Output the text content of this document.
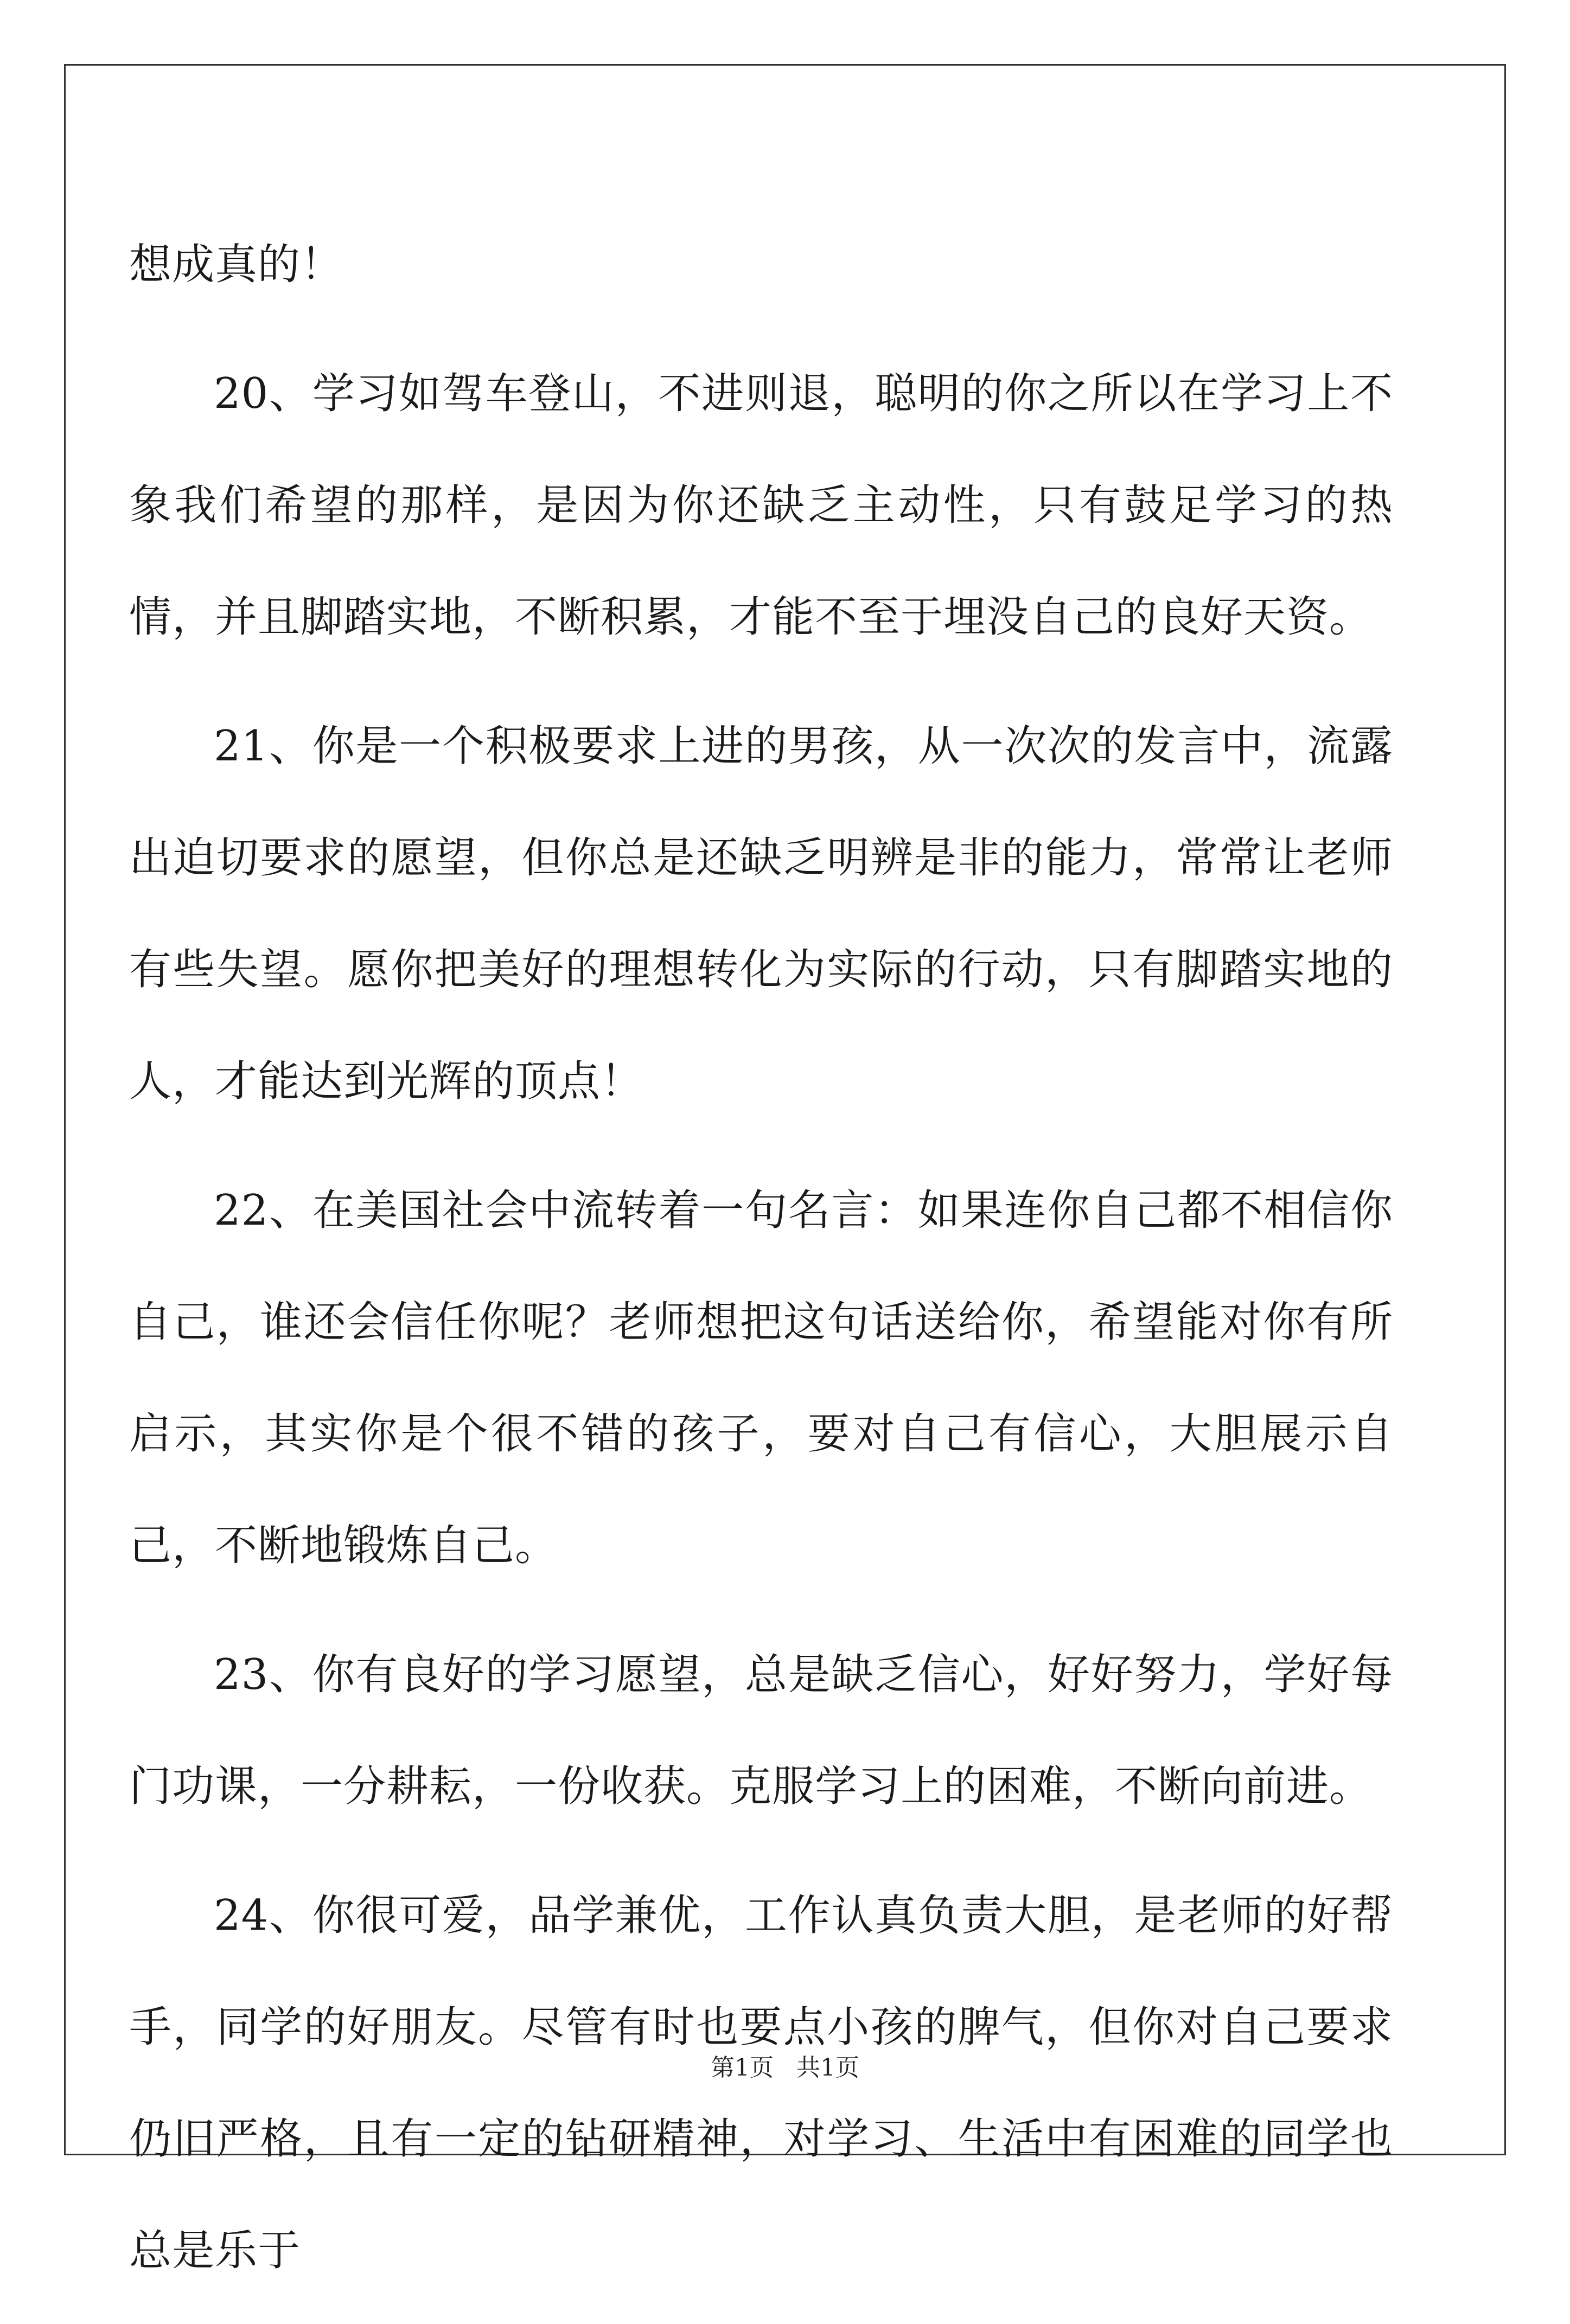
想成真的！

20、学习如驾车登山，不进则退，聪明的你之所以在学习上不象我们希望的那样，是因为你还缺乏主动性，只有鼓足学习的热情，并且脚踏实地，不断积累，才能不至于埋没自己的良好天资。

21、你是一个积极要求上进的男孩，从一次次的发言中，流露出迫切要求的愿望，但你总是还缺乏明辨是非的能力，常常让老师有些失望。愿你把美好的理想转化为实际的行动，只有脚踏实地的人，才能达到光辉的顶点！

22、在美国社会中流转着一句名言：如果连你自己都不相信你自己，谁还会信任你呢？老师想把这句话送给你，希望能对你有所启示，其实你是个很不错的孩子，要对自己有信心，大胆展示自己，不断地锻炼自己。

23、你有良好的学习愿望，总是缺乏信心，好好努力，学好每门功课，一分耕耘，一份收获。克服学习上的困难，不断向前进。

24、你很可爱，品学兼优，工作认真负责大胆，是老师的好帮手，同学的好朋友。尽管有时也要点小孩的脾气，但你对自己要求仍旧严格，且有一定的钻研精神，对学习、生活中有困难的同学也总是乐于

第1页 共1页
